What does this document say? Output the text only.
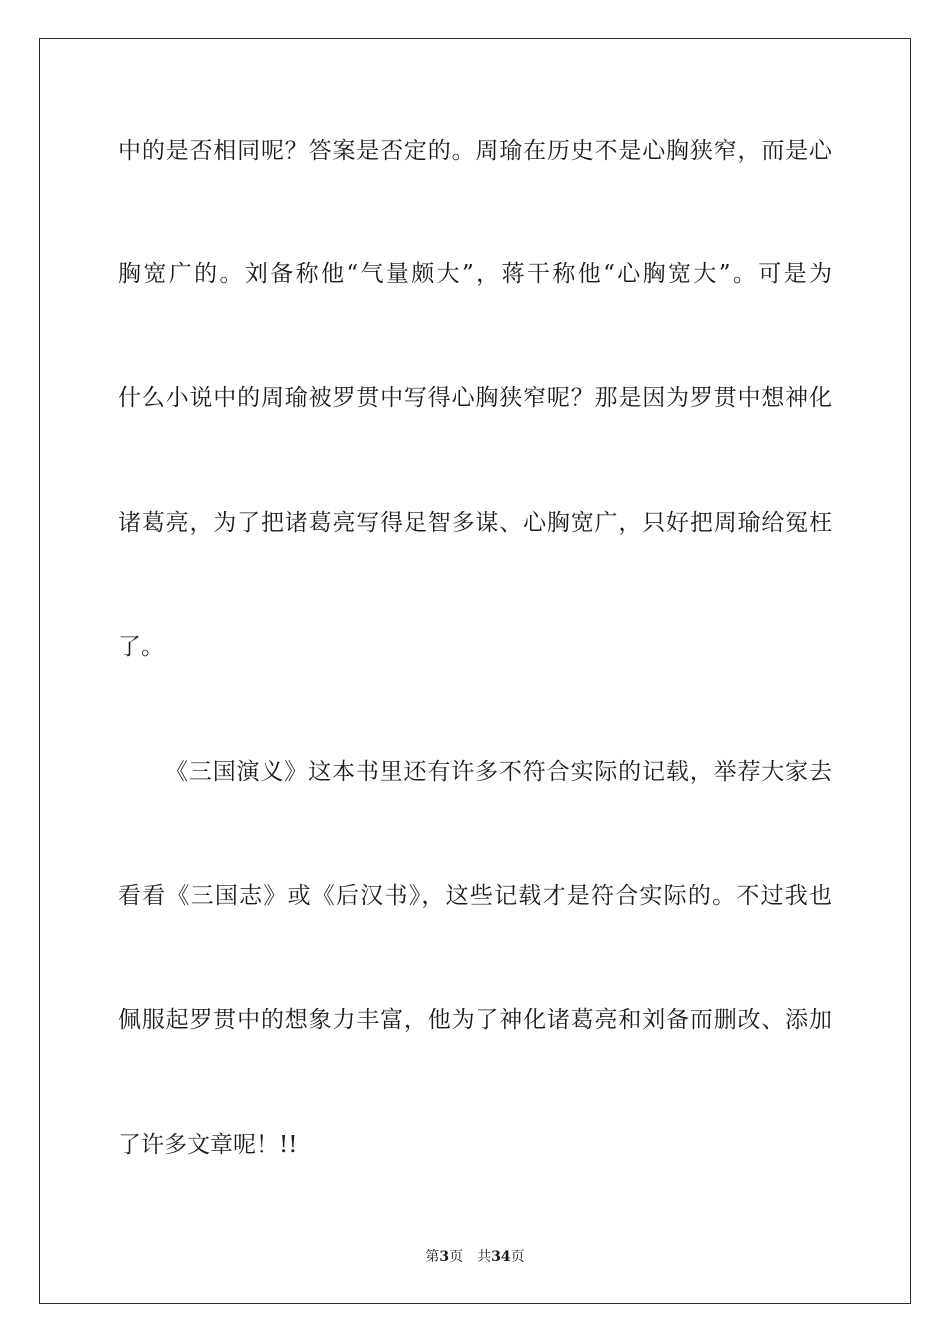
中的是否相同呢？答案是否定的。周瑜在历史不是心胸狭窄，而是心

胸宽广的。刘备称他“气量颇大”，蒋干称他“心胸宽大”。可是为

什么小说中的周瑜被罗贯中写得心胸狭窄呢？那是因为罗贯中想神化

诸葛亮，为了把诸葛亮写得足智多谋、心胸宽广，只好把周瑜给冤枉

了。

《三国演义》这本书里还有许多不符合实际的记载，举荐大家去

看看《三国志》或《后汉书》，这些记载才是符合实际的。不过我也

佩服起罗贯中的想象力丰富，他为了神化诸葛亮和刘备而删改、添加

了许多文章呢！!!

第3页 共34页
